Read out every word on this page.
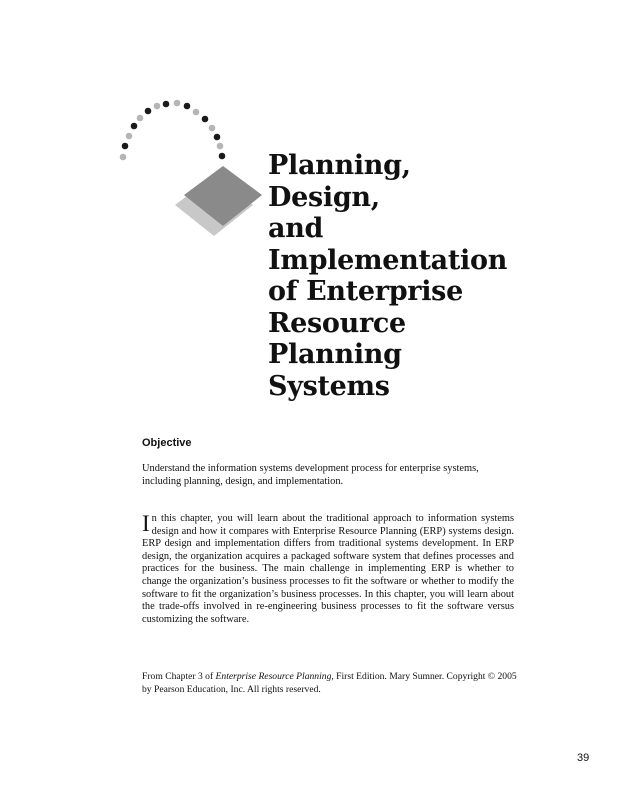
Planning,
Design,
and
Implementation
of Enterprise
Resource
Planning
Systems
Objective
Understand the information systems development process for enterprise systems, including planning, design, and implementation.
In this chapter, you will learn about the traditional approach to information systems design and how it compares with Enterprise Resource Planning (ERP) systems design. ERP design and implementation differs from traditional systems development. In ERP design, the organization acquires a packaged software system that defines processes and practices for the business. The main challenge in implementing ERP is whether to change the organization’s business processes to fit the software or whether to modify the software to fit the organization’s business processes. In this chapter, you will learn about the trade-offs involved in re-engineering business processes to fit the software versus customizing the software.
From Chapter 3 of Enterprise Resource Planning, First Edition. Mary Sumner. Copyright © 2005 by Pearson Education, Inc. All rights reserved.
39
